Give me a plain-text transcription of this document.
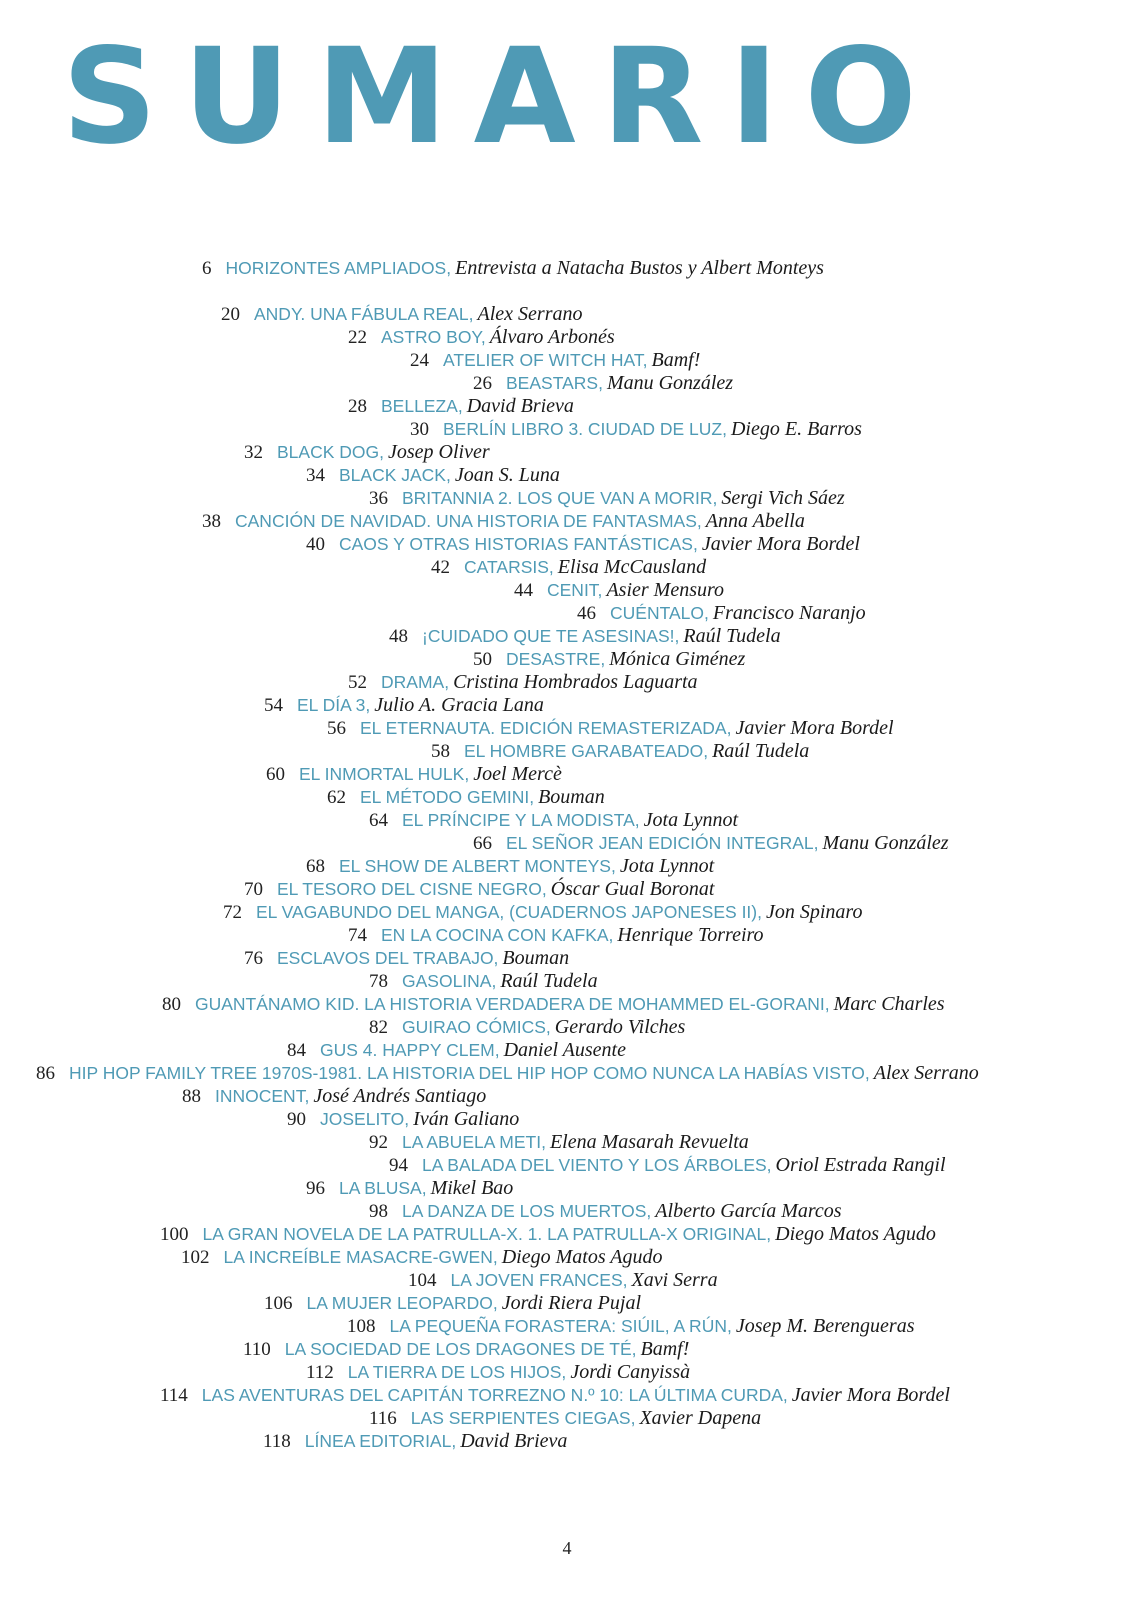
SUMARIO
6 HORIZONTES AMPLIADOS, Entrevista a Natacha Bustos y Albert Monteys
20 ANDY. UNA FÁBULA REAL, Alex Serrano
22 ASTRO BOY, Álvaro Arbonés
24 ATELIER OF WITCH HAT, Bamf!
26 BEASTARS, Manu González
28 BELLEZA, David Brieva
30 BERLÍN LIBRO 3. CIUDAD DE LUZ, Diego E. Barros
32 BLACK DOG, Josep Oliver
34 BLACK JACK, Joan S. Luna
36 BRITANNIA 2. LOS QUE VAN A MORIR, Sergi Vich Sáez
38 CANCIÓN DE NAVIDAD. UNA HISTORIA DE FANTASMAS, Anna Abella
40 CAOS Y OTRAS HISTORIAS FANTÁSTICAS, Javier Mora Bordel
42 CATARSIS, Elisa McCausland
44 CENIT, Asier Mensuro
46 CUÉNTALO, Francisco Naranjo
48 ¡CUIDADO QUE TE ASESINAS!, Raúl Tudela
50 DESASTRE, Mónica Giménez
52 DRAMA, Cristina Hombrados Laguarta
54 EL DÍA 3, Julio A. Gracia Lana
56 EL ETERNAUTA. EDICIÓN REMASTERIZADA, Javier Mora Bordel
58 EL HOMBRE GARABATEADO, Raúl Tudela
60 EL INMORTAL HULK, Joel Mercè
62 EL MÉTODO GEMINI, Bouman
64 EL PRÍNCIPE Y LA MODISTA, Jota Lynnot
66 EL SEÑOR JEAN EDICIÓN INTEGRAL, Manu González
68 EL SHOW DE ALBERT MONTEYS, Jota Lynnot
70 EL TESORO DEL CISNE NEGRO, Óscar Gual Boronat
72 EL VAGABUNDO DEL MANGA, (CUADERNOS JAPONESES II), Jon Spinaro
74 EN LA COCINA CON KAFKA, Henrique Torreiro
76 ESCLAVOS DEL TRABAJO, Bouman
78 GASOLINA, Raúl Tudela
80 GUANTÁNAMO KID. LA HISTORIA VERDADERA DE MOHAMMED EL-GORANI, Marc Charles
82 GUIRAO CÓMICS, Gerardo Vilches
84 GUS 4. HAPPY CLEM, Daniel Ausente
86 HIP HOP FAMILY TREE 1970S-1981. LA HISTORIA DEL HIP HOP COMO NUNCA LA HABÍAS VISTO, Alex Serrano
88 INNOCENT, José Andrés Santiago
90 JOSELITO, Iván Galiano
92 LA ABUELA METI, Elena Masarah Revuelta
94 LA BALADA DEL VIENTO Y LOS ÁRBOLES, Oriol Estrada Rangil
96 LA BLUSA, Mikel Bao
98 LA DANZA DE LOS MUERTOS, Alberto García Marcos
100 LA GRAN NOVELA DE LA PATRULLA-X. 1. LA PATRULLA-X ORIGINAL, Diego Matos Agudo
102 LA INCREÍBLE MASACRE-GWEN, Diego Matos Agudo
104 LA JOVEN FRANCES, Xavi Serra
106 LA MUJER LEOPARDO, Jordi Riera Pujal
108 LA PEQUEÑA FORASTERA: SIÚIL, A RÚN, Josep M. Berengueras
110 LA SOCIEDAD DE LOS DRAGONES DE TÉ, Bamf!
112 LA TIERRA DE LOS HIJOS, Jordi Canyissà
114 LAS AVENTURAS DEL CAPITÁN TORREZNO N.º 10: LA ÚLTIMA CURDA, Javier Mora Bordel
116 LAS SERPIENTES CIEGAS, Xavier Dapena
118 LÍNEA EDITORIAL, David Brieva
4
